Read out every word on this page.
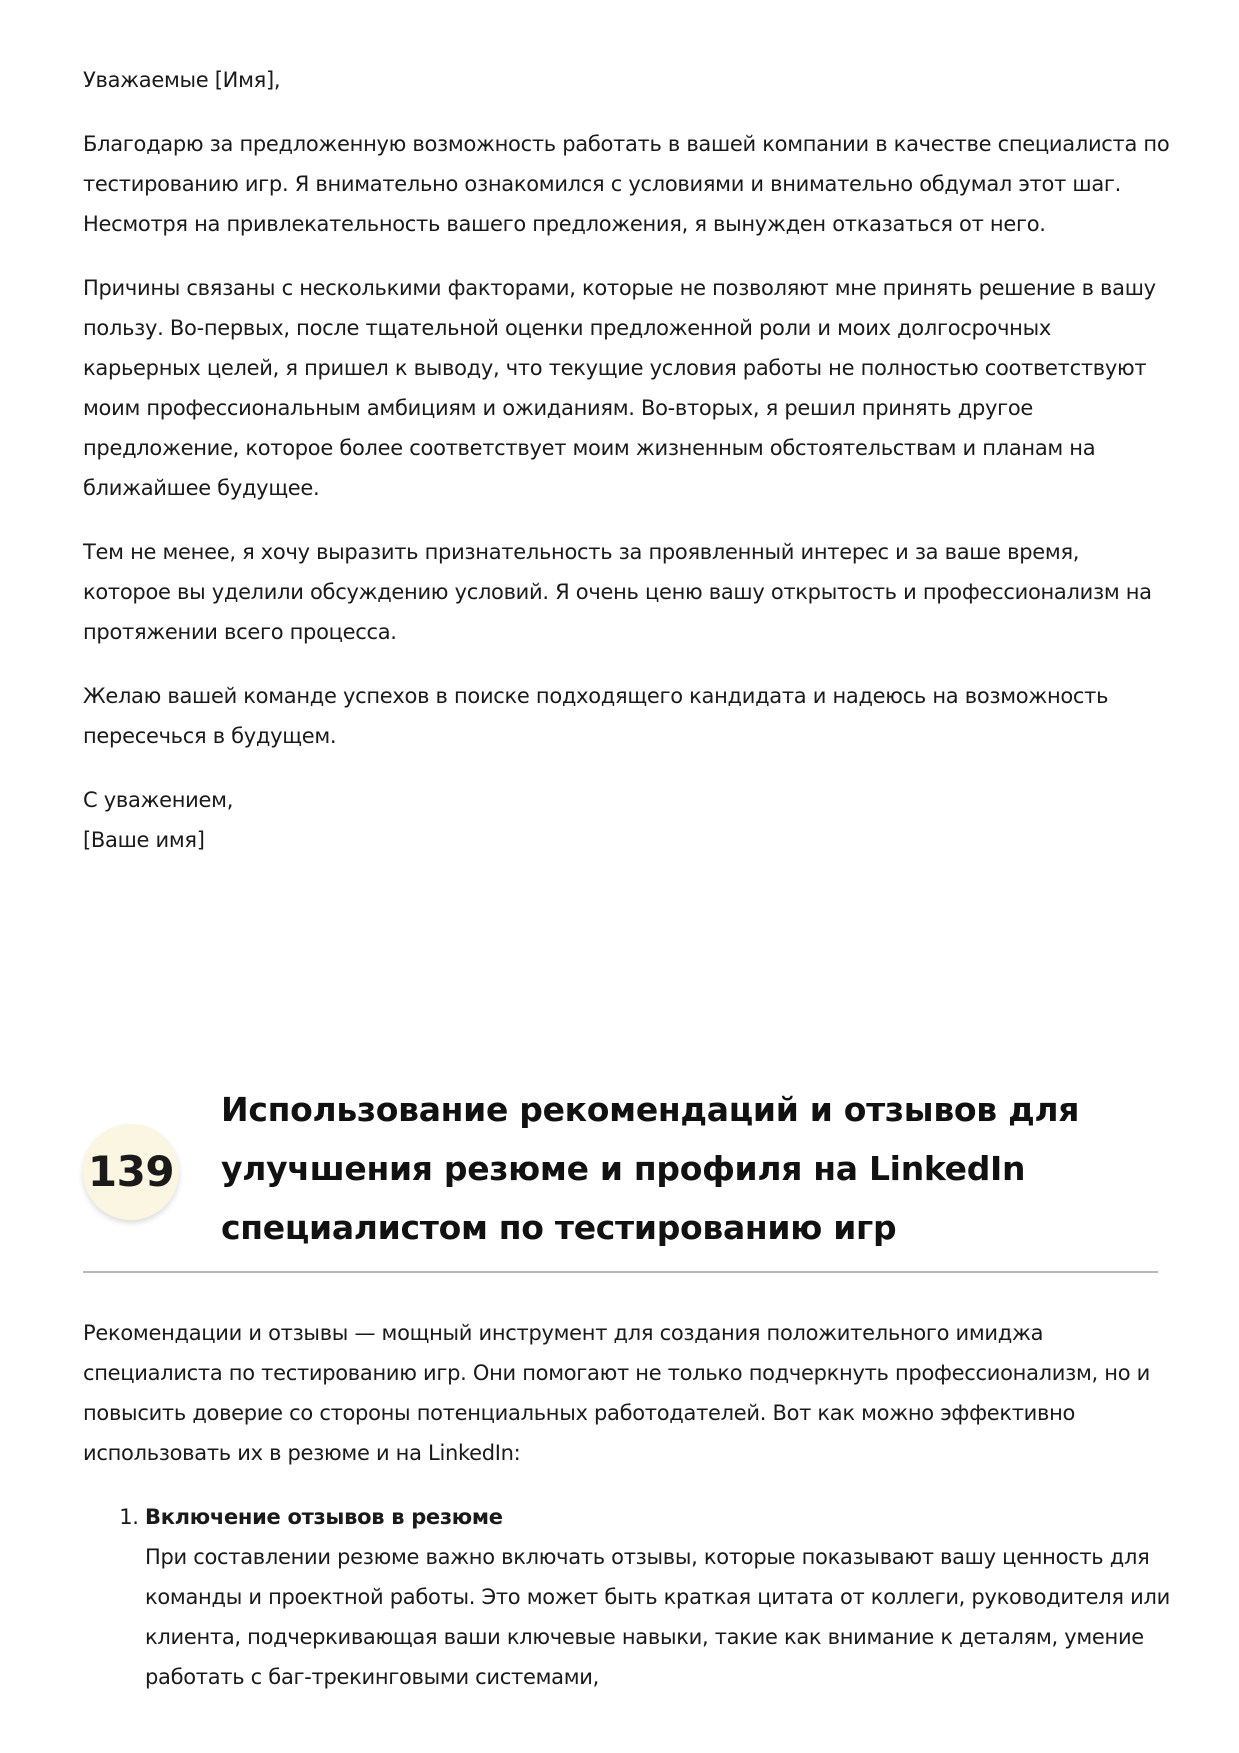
Уважаемые [Имя],

Благодарю за предложенную возможность работать в вашей компании в качестве специалиста по тестированию игр. Я внимательно ознакомился с условиями и внимательно обдумал этот шаг. Несмотря на привлекательность вашего предложения, я вынужден отказаться от него.

Причины связаны с несколькими факторами, которые не позволяют мне принять решение в вашу пользу. Во-первых, после тщательной оценки предложенной роли и моих долгосрочных карьерных целей, я пришел к выводу, что текущие условия работы не полностью соответствуют моим профессиональным амбициям и ожиданиям. Во-вторых, я решил принять другое предложение, которое более соответствует моим жизненным обстоятельствам и планам на ближайшее будущее.

Тем не менее, я хочу выразить признательность за проявленный интерес и за ваше время, которое вы уделили обсуждению условий. Я очень ценю вашу открытость и профессионализм на протяжении всего процесса.

Желаю вашей команде успехов в поиске подходящего кандидата и надеюсь на возможность пересечься в будущем.

С уважением,

[Ваше имя]

139
Использование рекомендаций и отзывов для улучшения резюме и профиля на LinkedIn специалистом по тестированию игр

Рекомендации и отзывы — мощный инструмент для создания положительного имиджа специалиста по тестированию игр. Они помогают не только подчеркнуть профессионализм, но и повысить доверие со стороны потенциальных работодателей. Вот как можно эффективно использовать их в резюме и на LinkedIn:

1. Включение отзывов в резюме
При составлении резюме важно включать отзывы, которые показывают вашу ценность для команды и проектной работы. Это может быть краткая цитата от коллеги, руководителя или клиента, подчеркивающая ваши ключевые навыки, такие как внимание к деталям, умение работать с баг-трекинговыми системами,
